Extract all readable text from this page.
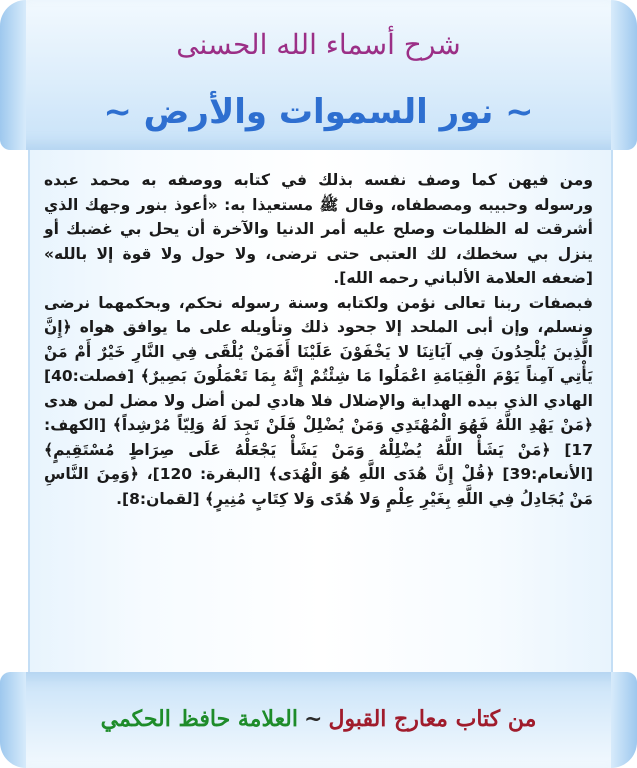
شرح أسماء الله الحسنى
~ نور السموات والأرض ~

ومن فيهن كما وصف نفسه بذلك في كتابه ووصفه به محمد عبده ورسوله وحبيبه ومصطفاه، وقال ﷺ مستعيذا به: «أعوذ بنور وجهك الذي أشرقت له الظلمات وصلح عليه أمر الدنيا والآخرة أن يحل بي غضبك أو ينزل بي سخطك، لك العتبى حتى ترضى، ولا حول ولا قوة إلا بالله» [ضعفه العلامة الألباني رحمه الله].

فبصفات ربنا تعالى نؤمن ولكتابه وسنة رسوله نحكم، وبحكمهما نرضى ونسلم، وإن أبى الملحد إلا جحود ذلك وتأويله على ما يوافق هواه ﴿إِنَّ الَّذِينَ يُلْحِدُونَ فِي آيَاتِنَا لا يَخْفَوْنَ عَلَيْنَا أَفَمَنْ يُلْقَى فِي النَّارِ خَيْرٌ أَمْ مَنْ يَأْتِي آمِناً يَوْمَ الْقِيَامَةِ اعْمَلُوا مَا شِئْتُمْ إِنَّهُ بِمَا تَعْمَلُونَ بَصِيرٌ﴾ [فصلت:40] الهادي الذي بيده الهداية والإضلال فلا هادي لمن أضل ولا مضل لمن هدى ﴿مَنْ يَهْدِ اللَّهُ فَهُوَ الْمُهْتَدِي وَمَنْ يُضْلِلْ فَلَنْ تَجِدَ لَهُ وَلِيّاً مُرْشِداً﴾ [الكهف: 17] ﴿مَنْ يَشَأْ اللَّهُ يُضْلِلْهُ وَمَنْ يَشَأْ يَجْعَلْهُ عَلَى صِرَاطٍ مُسْتَقِيمٍ﴾ [الأنعام:39] ﴿قُلْ إِنَّ هُدَى اللَّهِ هُوَ الْهُدَى﴾ [البقرة: 120]، ﴿وَمِنَ النَّاسِ مَنْ يُجَادِلُ فِي اللَّهِ بِغَيْرِ عِلْمٍ وَلا هُدًى وَلا كِتَابٍ مُنِيرٍ﴾ [لقمان:8].

من كتاب معارج القبول~العلامة حافظ الحكمي
